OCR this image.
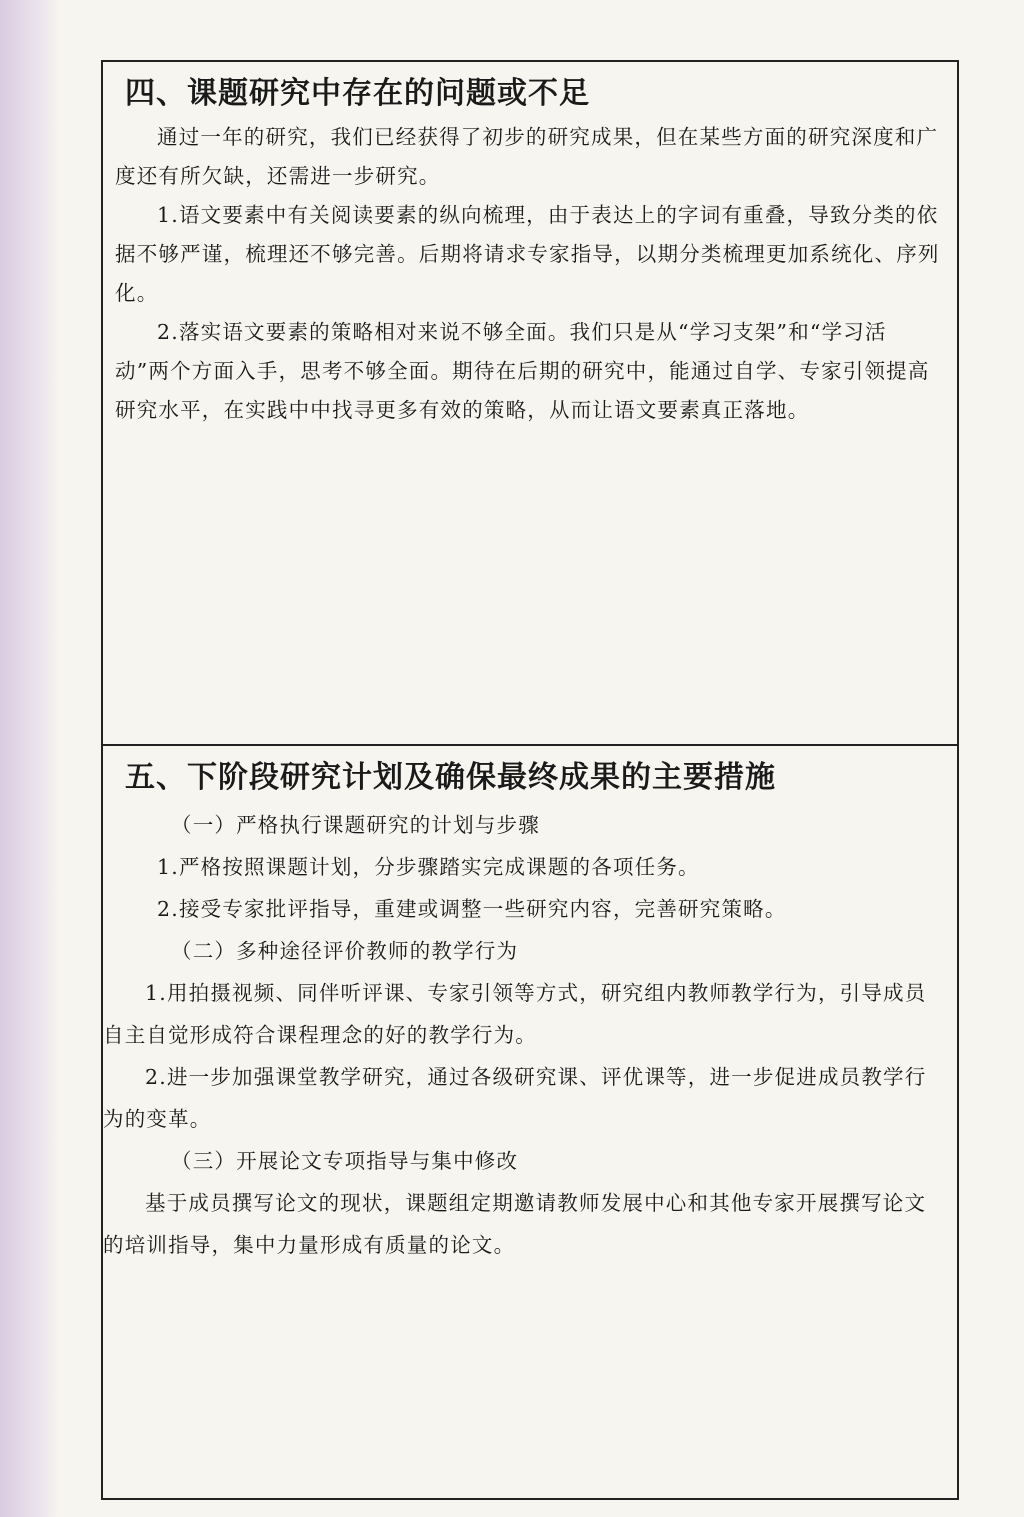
四、课题研究中存在的问题或不足

通过一年的研究，我们已经获得了初步的研究成果，但在某些方面的研究深度和广度还有所欠缺，还需进一步研究。

1.语文要素中有关阅读要素的纵向梳理，由于表达上的字词有重叠，导致分类的依据不够严谨，梳理还不够完善。后期将请求专家指导，以期分类梳理更加系统化、序列化。

2.落实语文要素的策略相对来说不够全面。我们只是从“学习支架”和“学习活动”两个方面入手，思考不够全面。期待在后期的研究中，能通过自学、专家引领提高研究水平，在实践中中找寻更多有效的策略，从而让语文要素真正落地。

五、下阶段研究计划及确保最终成果的主要措施

（一）严格执行课题研究的计划与步骤

1.严格按照课题计划，分步骤踏实完成课题的各项任务。

2.接受专家批评指导，重建或调整一些研究内容，完善研究策略。

（二）多种途径评价教师的教学行为

1.用拍摄视频、同伴听评课、专家引领等方式，研究组内教师教学行为，引导成员自主自觉形成符合课程理念的好的教学行为。

2.进一步加强课堂教学研究，通过各级研究课、评优课等，进一步促进成员教学行为的变革。

（三）开展论文专项指导与集中修改

基于成员撰写论文的现状，课题组定期邀请教师发展中心和其他专家开展撰写论文的培训指导，集中力量形成有质量的论文。
